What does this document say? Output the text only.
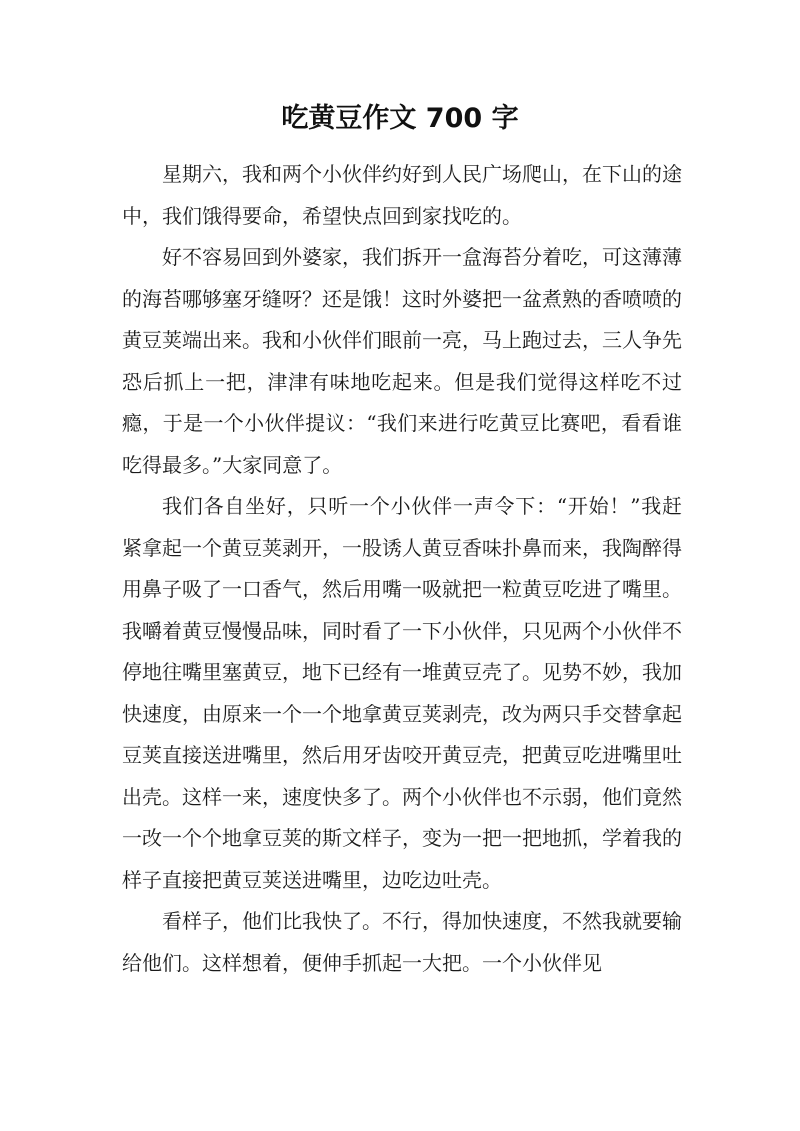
吃黄豆作文 700 字

星期六，我和两个小伙伴约好到人民广场爬山，在下山的途中，我们饿得要命，希望快点回到家找吃的。

好不容易回到外婆家，我们拆开一盒海苔分着吃，可这薄薄的海苔哪够塞牙缝呀？还是饿！这时外婆把一盆煮熟的香喷喷的黄豆荚端出来。我和小伙伴们眼前一亮，马上跑过去，三人争先恐后抓上一把，津津有味地吃起来。但是我们觉得这样吃不过瘾，于是一个小伙伴提议：“我们来进行吃黄豆比赛吧，看看谁吃得最多。”大家同意了。

我们各自坐好，只听一个小伙伴一声令下：“开始！”我赶紧拿起一个黄豆荚剥开，一股诱人黄豆香味扑鼻而来，我陶醉得用鼻子吸了一口香气，然后用嘴一吸就把一粒黄豆吃进了嘴里。我嚼着黄豆慢慢品味，同时看了一下小伙伴，只见两个小伙伴不停地往嘴里塞黄豆，地下已经有一堆黄豆壳了。见势不妙，我加快速度，由原来一个一个地拿黄豆荚剥壳，改为两只手交替拿起豆荚直接送进嘴里，然后用牙齿咬开黄豆壳，把黄豆吃进嘴里吐出壳。这样一来，速度快多了。两个小伙伴也不示弱，他们竟然一改一个个地拿豆荚的斯文样子，变为一把一把地抓，学着我的样子直接把黄豆荚送进嘴里，边吃边吐壳。

看样子，他们比我快了。不行，得加快速度，不然我就要输给他们。这样想着，便伸手抓起一大把。一个小伙伴见
